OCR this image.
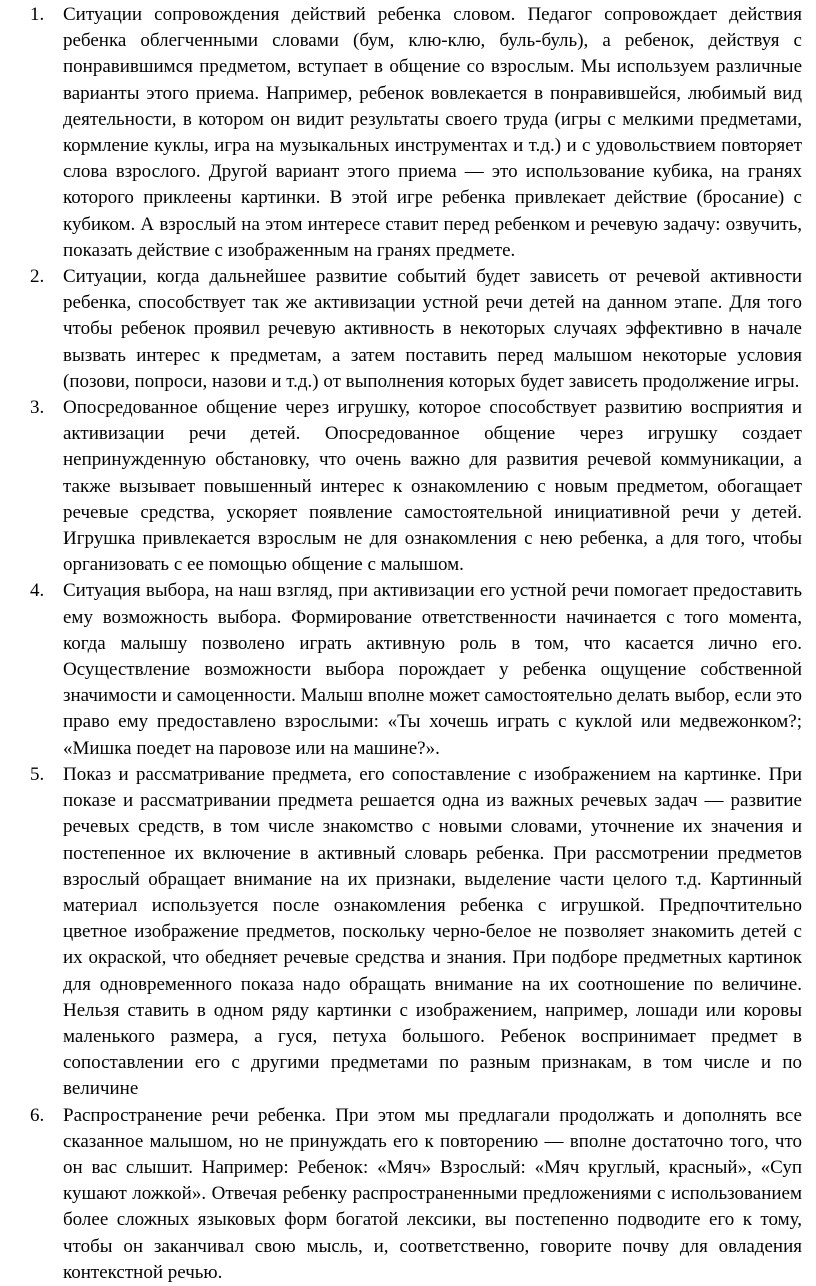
1. Ситуации сопровождения действий ребенка словом. Педагог сопровождает действия ребенка облегченными словами (бум, клю-клю, буль-буль), а ребенок, действуя с понравившимся предметом, вступает в общение со взрослым. Мы используем различные варианты этого приема. Например, ребенок вовлекается в понравившейся, любимый вид деятельности, в котором он видит результаты своего труда (игры с мелкими предметами, кормление куклы, игра на музыкальных инструментах и т.д.) и с удовольствием повторяет слова взрослого. Другой вариант этого приема — это использование кубика, на гранях которого приклеены картинки. В этой игре ребенка привлекает действие (бросание) с кубиком. А взрослый на этом интересе ставит перед ребенком и речевую задачу: озвучить, показать действие с изображенным на гранях предмете.
2. Ситуации, когда дальнейшее развитие событий будет зависеть от речевой активности ребенка, способствует так же активизации устной речи детей на данном этапе. Для того чтобы ребенок проявил речевую активность в некоторых случаях эффективно в начале вызвать интерес к предметам, а затем поставить перед малышом некоторые условия (позови, попроси, назови и т.д.) от выполнения которых будет зависеть продолжение игры.
3. Опосредованное общение через игрушку, которое способствует развитию восприятия и активизации речи детей. Опосредованное общение через игрушку создает непринужденную обстановку, что очень важно для развития речевой коммуникации, а также вызывает повышенный интерес к ознакомлению с новым предметом, обогащает речевые средства, ускоряет появление самостоятельной инициативной речи у детей. Игрушка привлекается взрослым не для ознакомления с нею ребенка, а для того, чтобы организовать с ее помощью общение с малышом.
4. Ситуация выбора, на наш взгляд, при активизации его устной речи помогает предоставить ему возможность выбора. Формирование ответственности начинается с того момента, когда малышу позволено играть активную роль в том, что касается лично его. Осуществление возможности выбора порождает у ребенка ощущение собственной значимости и самоценности. Малыш вполне может самостоятельно делать выбор, если это право ему предоставлено взрослыми: «Ты хочешь играть с куклой или медвежонком?; «Мишка поедет на паровозе или на машине?».
5. Показ и рассматривание предмета, его сопоставление с изображением на картинке. При показе и рассматривании предмета решается одна из важных речевых задач — развитие речевых средств, в том числе знакомство с новыми словами, уточнение их значения и постепенное их включение в активный словарь ребенка. При рассмотрении предметов взрослый обращает внимание на их признаки, выделение части целого т.д. Картинный материал используется после ознакомления ребенка с игрушкой. Предпочтительно цветное изображение предметов, поскольку черно-белое не позволяет знакомить детей с их окраской, что обедняет речевые средства и знания. При подборе предметных картинок для одновременного показа надо обращать внимание на их соотношение по величине. Нельзя ставить в одном ряду картинки с изображением, например, лошади или коровы маленького размера, а гуся, петуха большого. Ребенок воспринимает предмет в сопоставлении его с другими предметами по разным признакам, в том числе и по величине
6. Распространение речи ребенка. При этом мы предлагали продолжать и дополнять все сказанное малышом, но не принуждать его к повторению — вполне достаточно того, что он вас слышит. Например: Ребенок: «Мяч» Взрослый: «Мяч круглый, красный», «Суп кушают ложкой». Отвечая ребенку распространенными предложениями с использованием более сложных языковых форм богатой лексики, вы постепенно подводите его к тому, чтобы он заканчивал свою мысль, и, соответственно, говорите почву для овладения контекстной речью.
